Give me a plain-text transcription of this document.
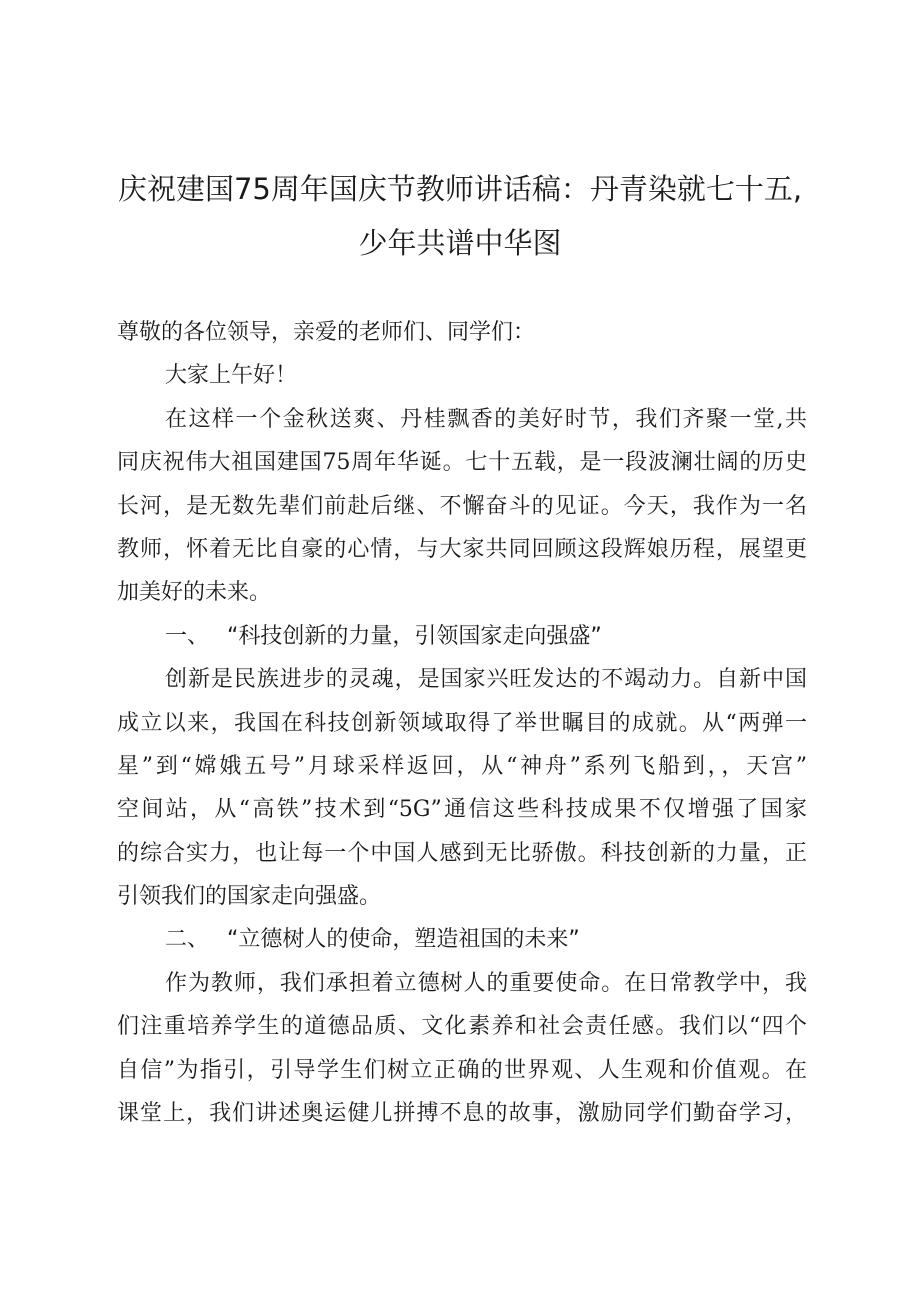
庆祝建国75周年国庆节教师讲话稿：丹青染就七十五,
少年共谱中华图
尊敬的各位领导，亲爱的老师们、同学们：
大家上午好！
在这样一个金秋送爽、丹桂飘香的美好时节，我们齐聚一堂,共
同庆祝伟大祖国建国75周年华诞。七十五载，是一段波澜壮阔的历史
长河，是无数先辈们前赴后继、不懈奋斗的见证。今天，我作为一名
教师，怀着无比自豪的心情，与大家共同回顾这段辉娘历程，展望更
加美好的未来。
一、 “科技创新的力量，引领国家走向强盛”
创新是民族进步的灵魂，是国家兴旺发达的不竭动力。自新中国
成立以来，我国在科技创新领域取得了举世瞩目的成就。从“两弹一
星”到“嫦娥五号”月球采样返回，从“神舟”系列飞船到，，天宫”
空间站，从“高铁”技术到“5G”通信这些科技成果不仅增强了国家
的综合实力，也让每一个中国人感到无比骄傲。科技创新的力量，正
引领我们的国家走向强盛。
二、 “立德树人的使命，塑造祖国的未来”
作为教师，我们承担着立德树人的重要使命。在日常教学中，我
们注重培养学生的道德品质、文化素养和社会责任感。我们以“四个
自信”为指引，引导学生们树立正确的世界观、人生观和价值观。在
课堂上，我们讲述奥运健儿拼搏不息的故事，激励同学们勤奋学习，
